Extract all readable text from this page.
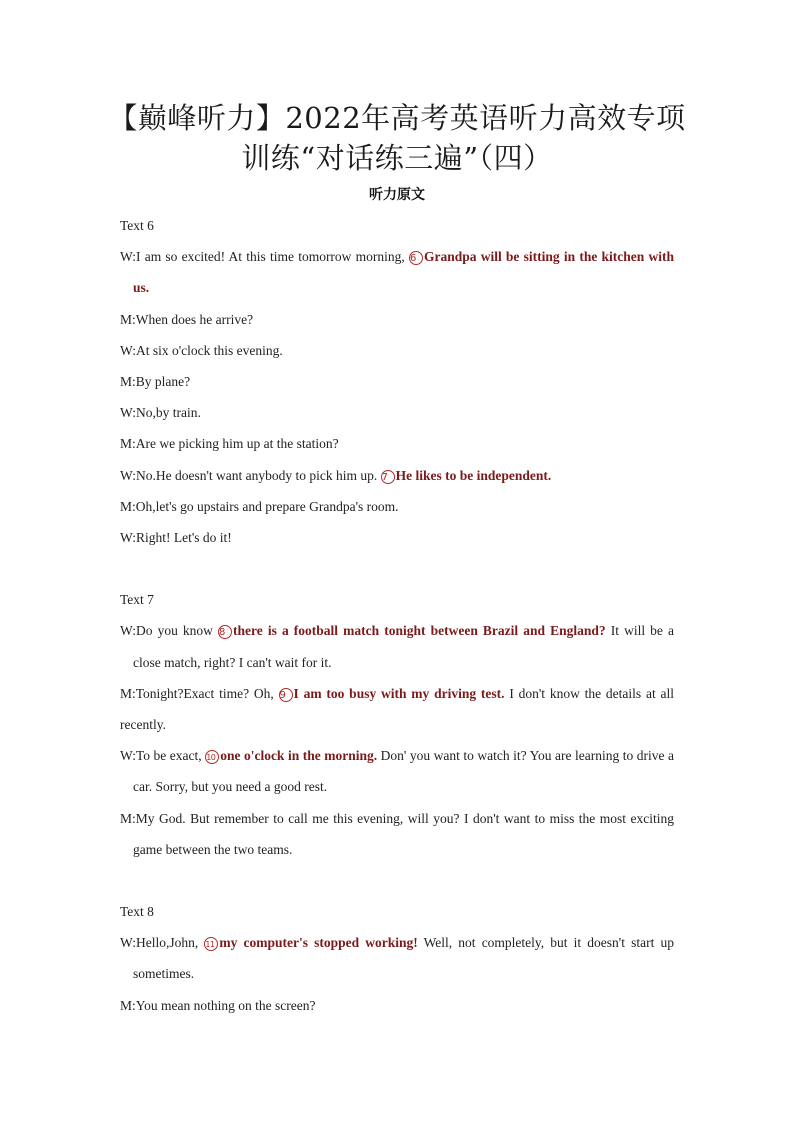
【巅峰听力】2022年高考英语听力高效专项
训练“对话练三遍”（四）
听力原文

Text 6

W:I am so excited! At this time tomorrow morning, 6 Grandpa will be sitting in the kitchen with us.

M:When does he arrive?

W:At six o'clock this evening.

M:By plane?

W:No,by train.

M:Are we picking him up at the station?

W:No.He doesn't want anybody to pick him up. 7 He likes to be independent.

M:Oh,let's go upstairs and prepare Grandpa's room.

W:Right! Let's do it!

Text 7

W:Do you know 8 there is a football match tonight between Brazil and England? It will be a close match, right? I can't wait for it.

M:Tonight?Exact time? Oh, 9 I am too busy with my driving test. I don't know the details at all recently.

W:To be exact, 10 one o'clock in the morning. Don' you want to watch it? You are learning to drive a car. Sorry, but you need a good rest.

M:My God. But remember to call me this evening, will you? I don't want to miss the most exciting game between the two teams.

Text 8

W:Hello,John, 11 my computer's stopped working! Well, not completely, but it doesn't start up sometimes.

M:You mean nothing on the screen?
